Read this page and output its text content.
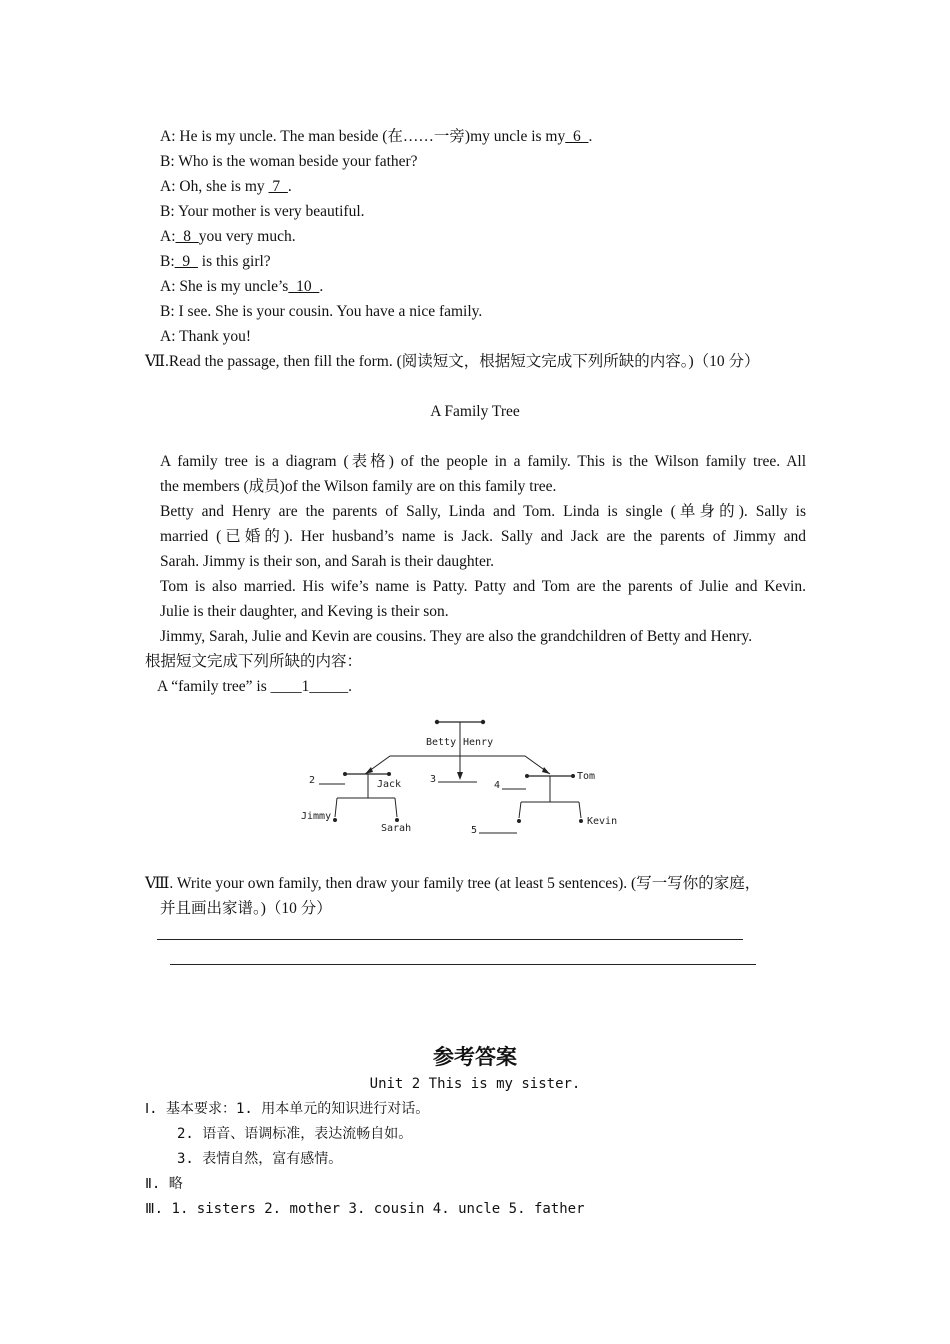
A: He is my uncle. The man beside (在……一旁)my uncle is my  6  .
B: Who is the woman beside your father?
A: Oh, she is my  7  .
B: Your mother is very beautiful.
A:  8  you very much.
B:  9   is this girl?
A: She is my uncle’s  10  .
B: I see. She is your cousin. You have a nice family.
A: Thank you!
Ⅶ.Read the passage, then fill the form. (阅读短文，根据短文完成下列所缺的内容。)（10 分）
A Family Tree
A family tree is a diagram (表格) of the people in a family. This is the Wilson family tree. All
the members (成员)of the Wilson family are on this family tree.
Betty and Henry are the parents of Sally, Linda and Tom. Linda is single (单身的). Sally is
married (已婚的). Her husband’s name is Jack. Sally and Jack are the parents of Jimmy and
Sarah. Jimmy is their son, and Sarah is their daughter.
Tom is also married. His wife’s name is Patty. Patty and Tom are the parents of Julie and Kevin.
Julie is their daughter, and Keving is their son.
Jimmy, Sarah, Julie and Kevin are cousins. They are also the grandchildren of Betty and Henry.
根据短文完成下列所缺的内容：
A “family tree” is ____1_____.
Betty Henry
2	Jack
Jimmy
Sarah
3
4
Tom
5
Kevin
Ⅷ. Write your own family, then draw your family tree (at least 5 sentences). (写一写你的家庭，
并且画出家谱。)（10 分）
参考答案
Unit 2 This is my sister.
Ⅰ. 基本要求：1. 用本单元的知识进行对话。
2. 语音、语调标准，表达流畅自如。
3. 表情自然，富有感情。
Ⅱ. 略
Ⅲ. 1. sisters 2. mother 3. cousin 4. uncle 5. father
